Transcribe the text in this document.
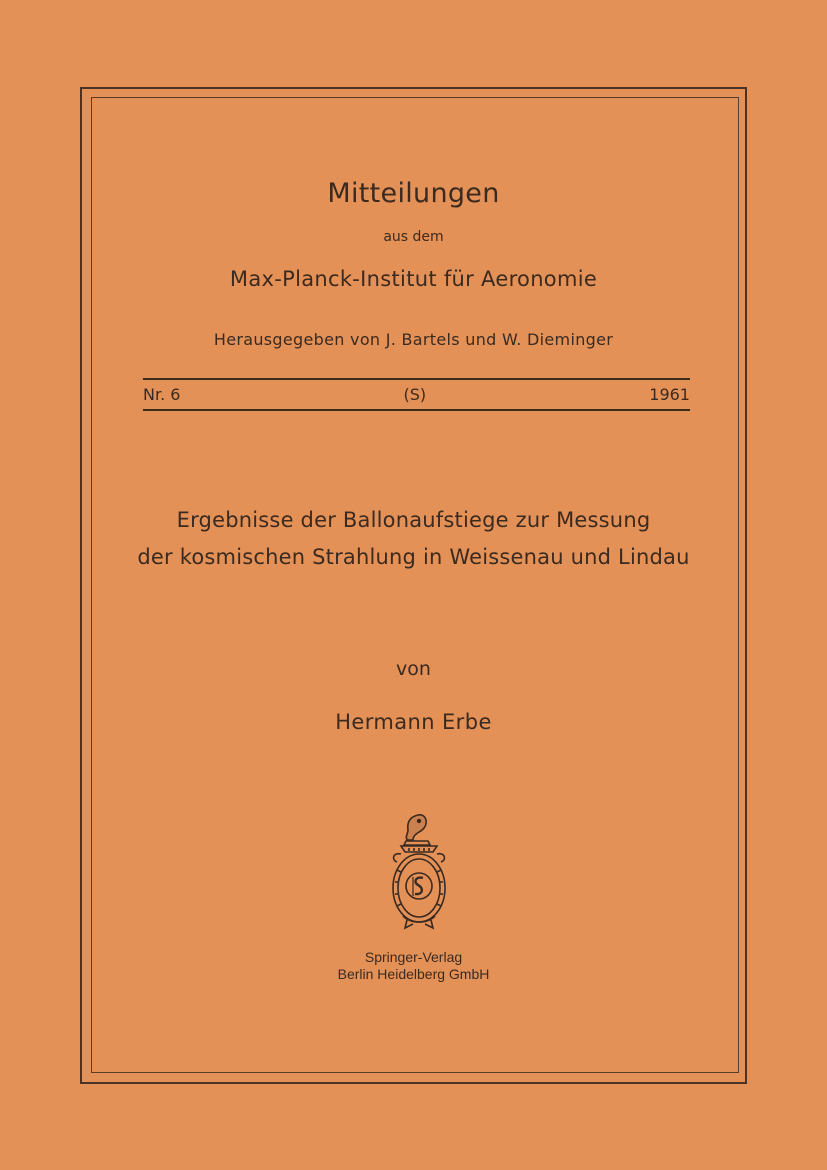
Mitteilungen
aus dem
Max-Planck-Institut für Aeronomie
Herausgegeben von J. Bartels und W. Dieminger
Nr. 6	(S)	1961
Ergebnisse der Ballonaufstiege zur Messung
der kosmischen Strahlung in Weissenau und Lindau
von
Hermann Erbe
Springer-Verlag
Berlin Heidelberg GmbH
